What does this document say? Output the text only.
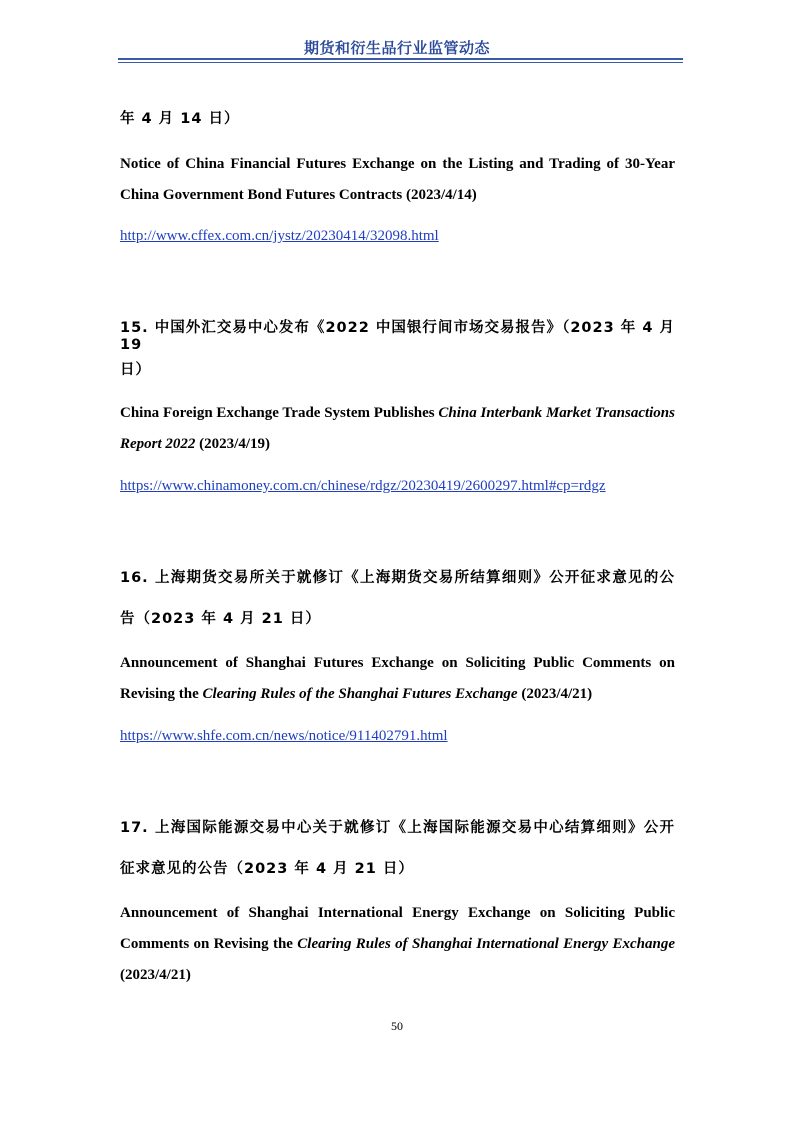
期货和衍生品行业监管动态
年 4 月 14 日）
Notice of China Financial Futures Exchange on the Listing and Trading of 30-Year China Government Bond Futures Contracts (2023/4/14)
http://www.cffex.com.cn/jystz/20230414/32098.html
15. 中国外汇交易中心发布《2022 中国银行间市场交易报告》（2023 年 4 月 19
日）
China Foreign Exchange Trade System Publishes China Interbank Market Transactions Report 2022 (2023/4/19)
https://www.chinamoney.com.cn/chinese/rdgz/20230419/2600297.html#cp=rdgz
16. 上海期货交易所关于就修订《上海期货交易所结算细则》公开征求意见的公
告（2023 年 4 月 21 日）
Announcement of Shanghai Futures Exchange on Soliciting Public Comments on Revising the Clearing Rules of the Shanghai Futures Exchange (2023/4/21)
https://www.shfe.com.cn/news/notice/911402791.html
17. 上海国际能源交易中心关于就修订《上海国际能源交易中心结算细则》公开
征求意见的公告（2023 年 4 月 21 日）
Announcement of Shanghai International Energy Exchange on Soliciting Public Comments on Revising the Clearing Rules of Shanghai International Energy Exchange (2023/4/21)
50
